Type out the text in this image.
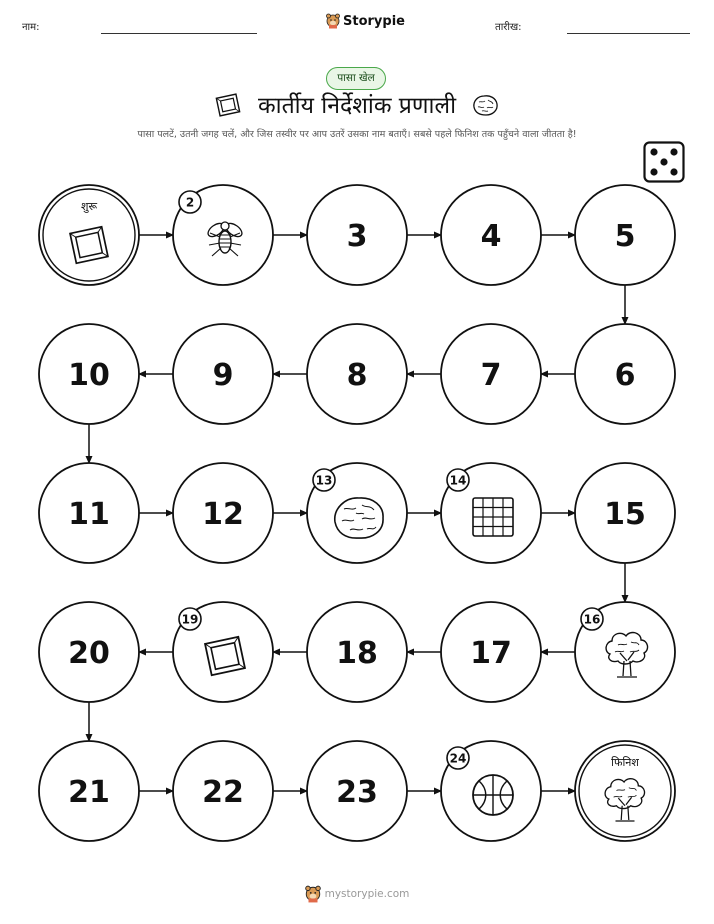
नाम:	Storypie	तारीख:
पासा खेल
कार्तीय निर्देशांक प्रणाली
पासा पलटें, उतनी जगह चलें, और जिस तस्वीर पर आप उतरें उसका नाम बताएँ। सबसे पहले फिनिश तक पहुँचने वाला जीतता है!
शुरू	2
3	4	5
6
7
8
9
10
11	12
13	14
15
16
17
18
19
20
21	22	23
24	फिनिश
mystorypie.com
